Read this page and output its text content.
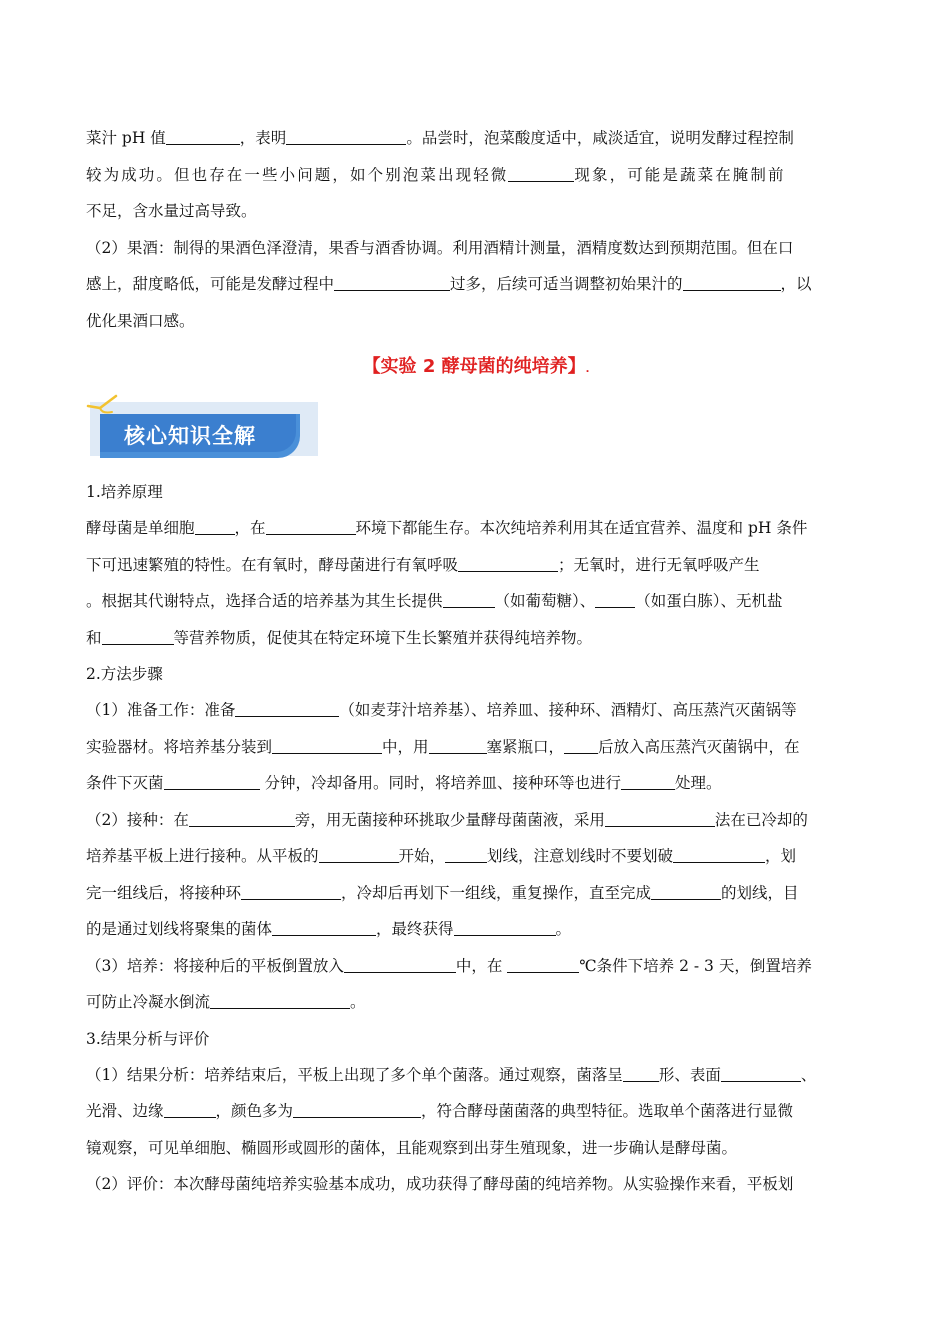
菜汁 pH 值	，表明	。品尝时，泡菜酸度适中，咸淡适宜，说明发酵过程控制

较为成功。但也存在一些小问题，如个别泡菜出现轻微	现象，可能是蔬菜在腌制前

不足，含水量过高导致。

（2）果酒：制得的果酒色泽澄清，果香与酒香协调。利用酒精计测量，酒精度数达到预期范围。但在口

感上，甜度略低，可能是发酵过程中	过多，后续可适当调整初始果汁的	，以

优化果酒口感。

【实验 2 酵母菌的纯培养】.
核心知识全解

1.培养原理

酵母菌是单细胞	，在	环境下都能生存。本次纯培养利用其在适宜营养、温度和 pH 条件

下可迅速繁殖的特性。在有氧时，酵母菌进行有氧呼吸	；无氧时，进行无氧呼吸产生

。根据其代谢特点，选择合适的培养基为其生长提供	（如葡萄糖）、	（如蛋白胨）、无机盐

和	等营养物质，促使其在特定环境下生长繁殖并获得纯培养物。

2.方法步骤

（1）准备工作：准备	（如麦芽汁培养基）、培养皿、接种环、酒精灯、高压蒸汽灭菌锅等

实验器材。将培养基分装到	中，用	塞紧瓶口， 后放入高压蒸汽灭菌锅中，在

条件下灭菌	分钟，冷却备用。同时，将培养皿、接种环等也进行	处理。

（2）接种：在	旁，用无菌接种环挑取少量酵母菌菌液，采用	法在已冷却的

培养基平板上进行接种。从平板的	开始，	划线，注意划线时不要划破	，划

完一组线后，将接种环	，冷却后再划下一组线，重复操作，直至完成	的划线，目

的是通过划线将聚集的菌体	，最终获得	。

（3）培养：将接种后的平板倒置放入	中，在	℃条件下培养 2 - 3 天，倒置培养

可防止冷凝水倒流	。

3.结果分析与评价

（1）结果分析：培养结束后，平板上出现了多个单个菌落。通过观察，菌落呈 形、表面	、

光滑、边缘	，颜色多为	，符合酵母菌菌落的典型特征。选取单个菌落进行显微

镜观察，可见单细胞、椭圆形或圆形的菌体，且能观察到出芽生殖现象，进一步确认是酵母菌。

（2）评价：本次酵母菌纯培养实验基本成功，成功获得了酵母菌的纯培养物。从实验操作来看，平板划
